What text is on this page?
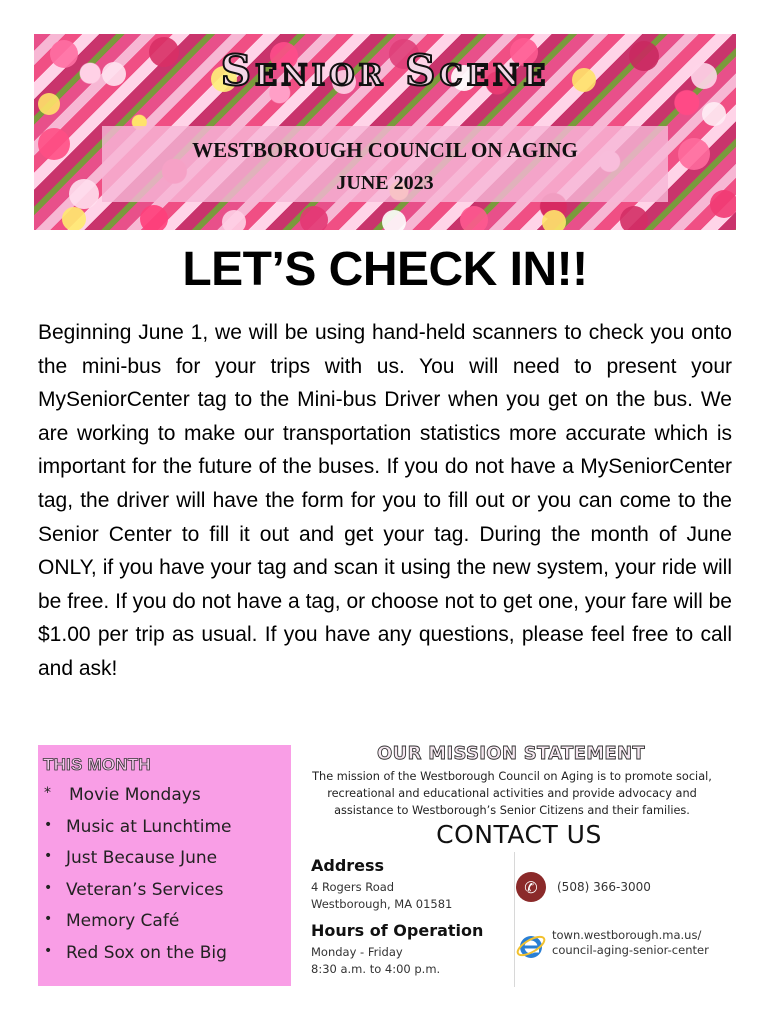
Senior Scene
WESTBOROUGH COUNCIL ON AGING
JUNE 2023
LET’S CHECK IN!!

Beginning June 1, we will be using hand-held scanners to check you onto the mini-bus for your trips with us. You will need to present your MySeniorCenter tag to the Mini-bus Driver when you get on the bus. We are working to make our transportation statistics more accurate which is important for the future of the buses. If you do not have a MySeniorCenter tag, the driver will have the form for you to fill out or you can come to the Senior Center to fill it out and get your tag. During the month of June ONLY, if you have your tag and scan it using the new system, your ride will be free. If you do not have a tag, or choose not to get one, your fare will be $1.00 per trip as usual. If you have any questions, please feel free to call and ask!

THIS MONTH
* Movie Mondays
• Music at Lunchtime
• Just Because June
• Veteran’s Services
• Memory Café
• Red Sox on the Big
OUR MISSION STATEMENT

The mission of the Westborough Council on Aging is to promote social, recreational and educational activities and provide advocacy and assistance to Westborough’s Senior Citizens and their families.

CONTACT US
Address
4 Rogers Road
Westborough, MA 01581
Hours of Operation
Monday - Friday
8:30 a.m. to 4:00 p.m.
✆	(508) 366-3000
town.westborough.ma.us/
council-aging-senior-center
